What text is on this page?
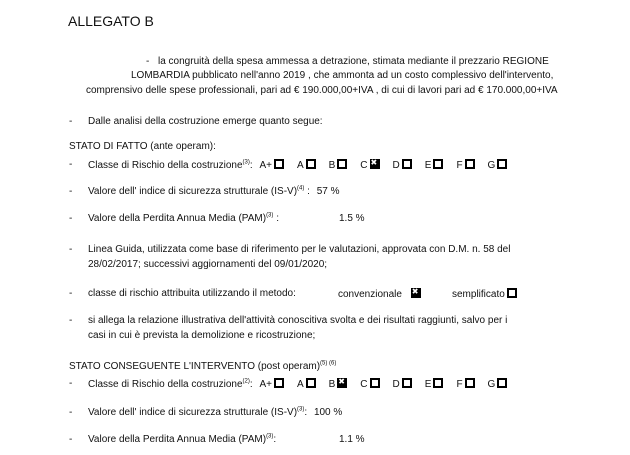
ALLEGATO B
- la congruità della spesa ammessa a detrazione, stimata mediante il prezzario REGIONE
LOMBARDIA pubblicato nell'anno 2019 , che ammonta ad un costo complessivo dell'intervento,
comprensivo delle spese professionali, pari ad € 190.000,00+IVA , di cui di lavori pari ad € 170.000,00+IVA
- Dalle analisi della costruzione emerge quanto segue:
STATO DI FATTO (ante operam):
- Classe di Rischio della costruzione$^{(3)}$: A+	A	B	C ✖	D	E	F	G
- Valore dell' indice di sicurezza strutturale $(IS-V)^{(4)}$ : 57 %
- Valore della Perdita Annua Media (PAM)$^{(3)}$ :	1.5 %
- Linea Guida, utilizzata come base di riferimento per le valutazioni, approvata con D.M. n. 58 del
28/02/2017; successivi aggiornamenti del 09/01/2020;
- classe di rischio attribuita utilizzando il metodo:	convenzionale ✖	semplificato
- si allega la relazione illustrativa dell'attività conoscitiva svolta e dei risultati raggiunti, salvo per i
casi in cui è prevista la demolizione e ricostruzione;
STATO CONSEGUENTE L'INTERVENTO (post operam)$^{(5) (6)}$
- Classe di Rischio della costruzione$^{(2)}$: A+	A	B ✖	C	D	E	F	G
- Valore dell' indice di sicurezza strutturale $(IS-V)^{(3)}$: 100 %
- Valore della Perdita Annua Media (PAM)$^{(3)}$:	1.1 %
